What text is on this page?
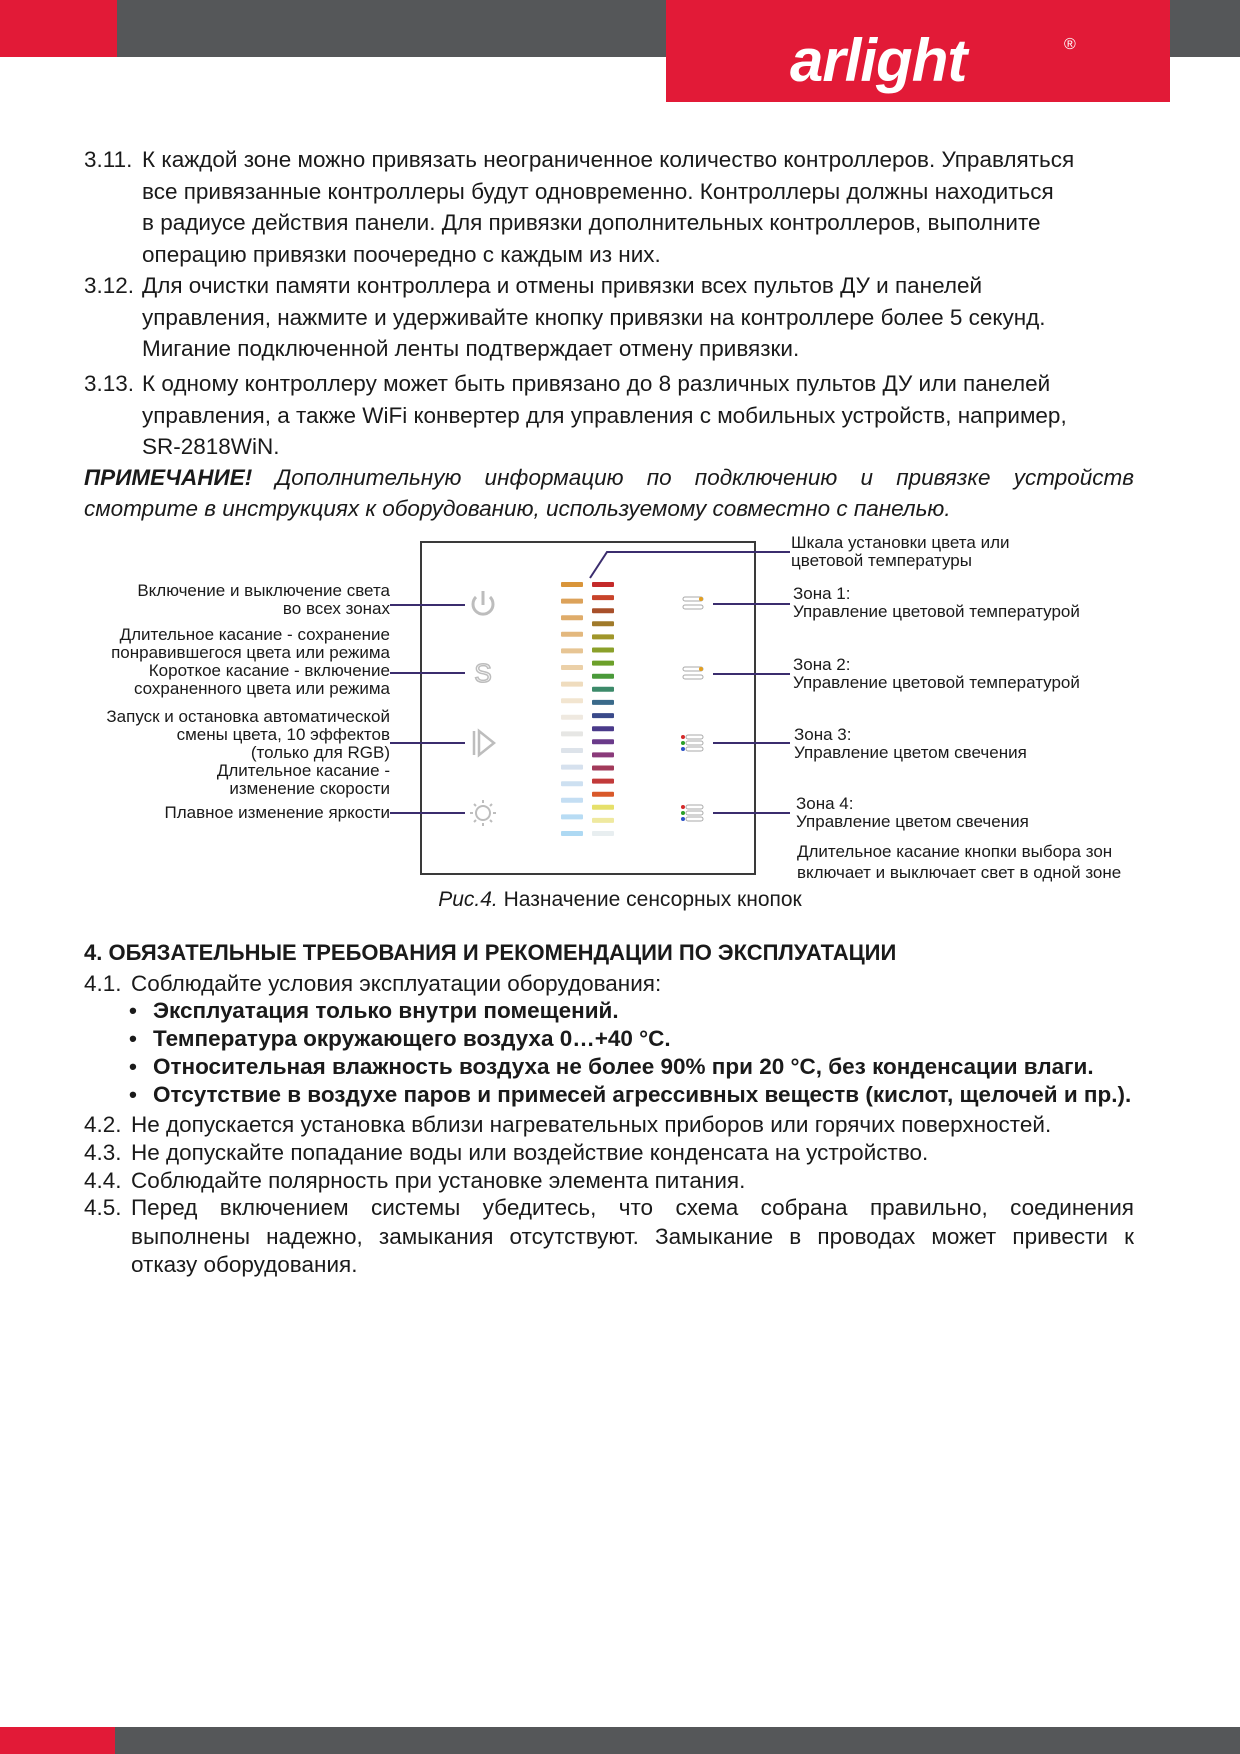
arlight	®
3.11. К каждой зоне можно привязать неограниченное количество контроллеров. Управляться
все привязанные контроллеры будут одновременно. Контроллеры должны находиться
в радиусе действия панели. Для привязки дополнительных контроллеров, выполните
операцию привязки поочередно с каждым из них.
3.12. Для очистки памяти контроллера и отмены привязки всех пультов ДУ и панелей
управления, нажмите и удерживайте кнопку привязки на контроллере более 5 секунд.
Мигание подключенной ленты подтверждает отмену привязки.
3.13. К одному контроллеру может быть привязано до 8 различных пультов ДУ или панелей
управления, а также WiFi конвертер для управления с мобильных устройств, например,
SR-2818WiN.
ПРИМЕЧАНИЕ! Дополнительную информацию по подключению и привязке устройств
смотрите в инструкциях к оборудованию, используемому совместно с панелью.
S
Включение и выключение света
во всех зонах
Длительное касание - сохранение
понравившегося цвета или режима
Короткое касание - включение
сохраненного цвета или режима
Запуск и остановка автоматической
смены цвета, 10 эффектов
(только для RGB)
Длительное касание -
изменение скорости
Плавное изменение яркости
Шкала установки цвета или
цветовой температуры
Зона 1:
Управление цветовой температурой
Зона 2:
Управление цветовой температурой
Зона 3:
Управление цветом свечения
Зона 4:
Управление цветом свечения
Длительное касание кнопки выбора зон
включает и выключает свет в одной зоне
Рис.4. Назначение сенсорных кнопок
4. ОБЯЗАТЕЛЬНЫЕ ТРЕБОВАНИЯ И РЕКОМЕНДАЦИИ ПО ЭКСПЛУАТАЦИИ
4.1. Соблюдайте условия эксплуатации оборудования:
• Эксплуатация только внутри помещений.
• Температура окружающего воздуха 0…+40 °C.
• Относительная влажность воздуха не более 90% при 20 °C, без конденсации влаги.
• Отсутствие в воздухе паров и примесей агрессивных веществ (кислот, щелочей и пр.).
4.2. Не допускается установка вблизи нагревательных приборов или горячих поверхностей.
4.3. Не допускайте попадание воды или воздействие конденсата на устройство.
4.4. Соблюдайте полярность при установке элемента питания.
4.5. Перед включением системы убедитесь, что схема собрана правильно, соединения
выполнены надежно, замыкания отсутствуют. Замыкание в проводах может привести к
отказу оборудования.
